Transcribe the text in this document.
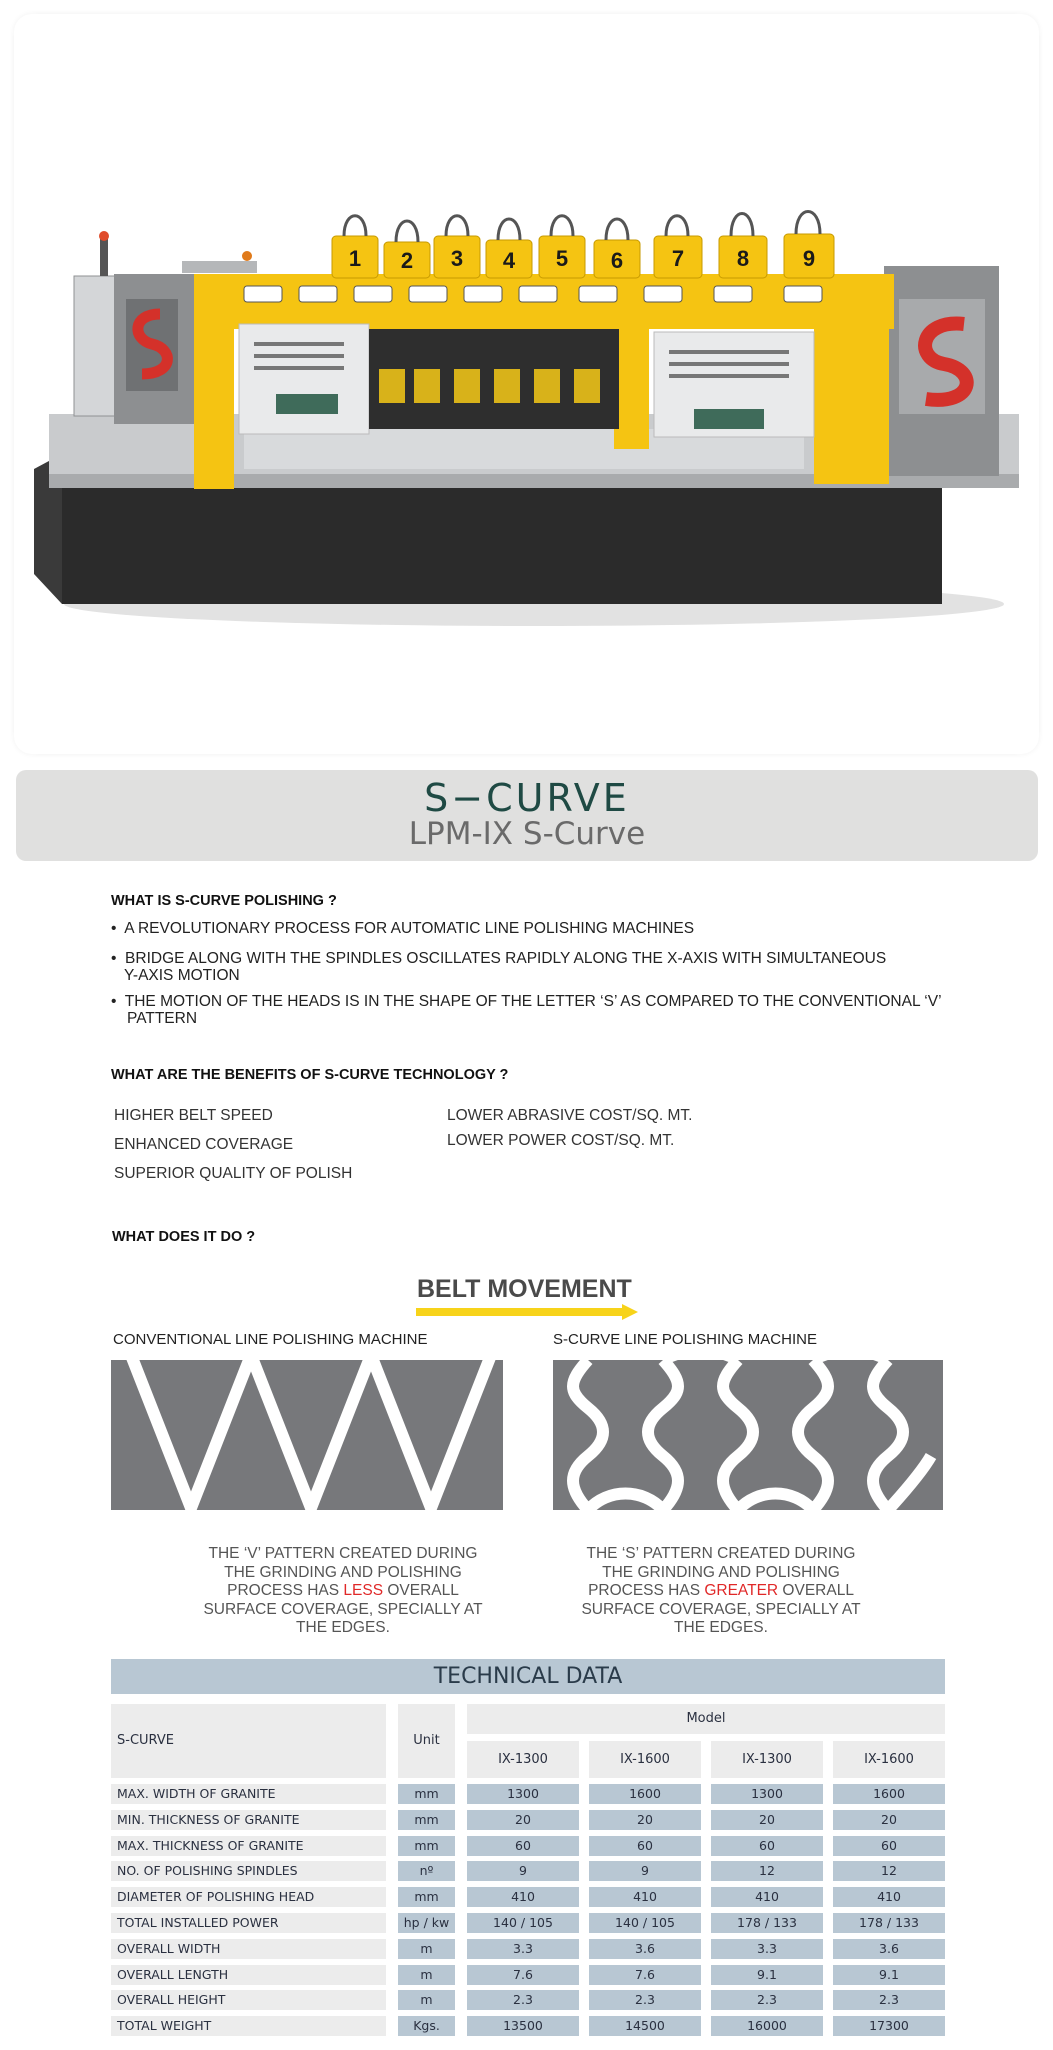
1 2 3 4 5 6 7 8 9
S−CURVE
LPM-IX S-Curve
WHAT IS S-CURVE POLISHING ?
•  A REVOLUTIONARY PROCESS FOR AUTOMATIC LINE POLISHING MACHINES
•  BRIDGE ALONG WITH THE SPINDLES OSCILLATES RAPIDLY ALONG THE X-AXIS WITH SIMULTANEOUS
Y-AXIS MOTION
•  THE MOTION OF THE HEADS IS IN THE SHAPE OF THE LETTER ‘S’ AS COMPARED TO THE CONVENTIONAL ‘V’
PATTERN
WHAT ARE THE BENEFITS OF S-CURVE TECHNOLOGY ?
HIGHER BELT SPEED
ENHANCED COVERAGE
SUPERIOR QUALITY OF POLISH
LOWER ABRASIVE COST/SQ. MT.
LOWER POWER COST/SQ. MT.
WHAT DOES IT DO ?
BELT MOVEMENT
CONVENTIONAL LINE POLISHING MACHINE	S-CURVE LINE POLISHING MACHINE
THE ‘V’ PATTERN CREATED DURING
THE GRINDING AND POLISHING
PROCESS HAS LESS OVERALL
SURFACE COVERAGE, SPECIALLY AT
THE EDGES.
THE ‘S’ PATTERN CREATED DURING
THE GRINDING AND POLISHING
PROCESS HAS GREATER OVERALL
SURFACE COVERAGE, SPECIALLY AT
THE EDGES.
TECHNICAL DATA
S-CURVE	Unit
Model
IX-1300	IX-1600	IX-1300	IX-1600
MAX. WIDTH OF GRANITE	mm	1300	1600	1300	1600
MIN. THICKNESS OF GRANITE	mm	20	20	20	20
MAX. THICKNESS OF GRANITE	mm	60	60	60	60
NO. OF POLISHING SPINDLES	nº	9	9	12	12
DIAMETER OF POLISHING HEAD	mm	410	410	410	410
TOTAL INSTALLED POWER	hp / kw	140 / 105	140 / 105	178 / 133	178 / 133
OVERALL WIDTH	m	3.3	3.6	3.3	3.6
OVERALL LENGTH	m	7.6	7.6	9.1	9.1
OVERALL HEIGHT	m	2.3	2.3	2.3	2.3
TOTAL WEIGHT	Kgs.	13500	14500	16000	17300
